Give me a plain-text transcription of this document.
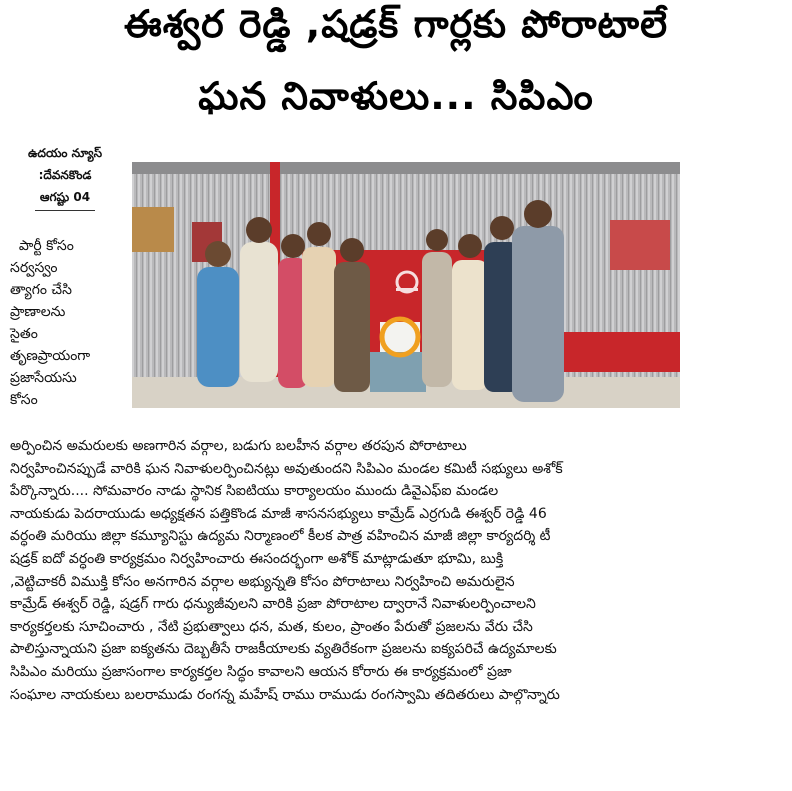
ఈశ్వర రెడ్డి ,షడ్రక్ గార్లకు పోరాటాలే
ఘన నివాళులు... సిపిఎం
ఉదయం న్యూస్
:దేవనకొండ
ఆగష్టు 04
పార్టీ కోసం
సర్వస్వం
త్యాగం చేసి
ప్రాణాలను
సైతం
తృణప్రాయంగా
ప్రజాసేయసు
కోసం

అర్పించిన అమరులకు అణగారిన వర్గాల, బడుగు బలహీన వర్గాల తరపున పోరాటాలు

నిర్వహించినప్పుడే వారికి ఘన నివాళులర్పించినట్లు అవుతుందని సిపిఎం మండల కమిటీ సభ్యులు అశోక్

పేర్కొన్నారు.... సోమవారం నాడు స్థానిక సిఐటియు కార్యాలయం ముందు డివైఎఫ్ఐ మండల

నాయకుడు పెదరాయుడు అధ్యక్షతన పత్తికొండ మాజీ శాసనసభ్యులు కామ్రేడ్ ఎర్రగుడి ఈశ్వర్ రెడ్డి 46

వర్ధంతి మరియు జిల్లా కమ్యూనిస్టు ఉద్యమ నిర్మాణంలో కీలక పాత్ర వహించిన మాజీ జిల్లా కార్యదర్శి టీ

షడ్రక్ ఐదో వర్ధంతి కార్యక్రమం నిర్వహించారు ఈసందర్భంగా అశోక్ మాట్లాడుతూ భూమి, బుక్తి

,వెట్టిచాకరీ విముక్తి కోసం అనగారిన వర్గాల అభ్యున్నతి కోసం పోరాటాలు నిర్వహించి అమరులైన

కామ్రేడ్ ఈశ్వర్ రెడ్డి, షడ్రగ్ గారు ధన్యుజీవులని వారికి ప్రజా పోరాటాల ద్వారానే నివాళులర్పించాలని

కార్యకర్తలకు సూచించారు , నేటి ప్రభుత్వాలు ధన, మత, కులం, ప్రాంతం పేరుతో ప్రజలను వేరు చేసి

పాలిస్తున్నాయని ప్రజా ఐక్యతను దెబ్బతీసే రాజకీయాలకు వ్యతిరేకంగా ప్రజలను ఐక్యపరిచే ఉద్యమాలకు

సిపిఎం మరియు ప్రజాసంగాల కార్యకర్తల సిద్ధం కావాలని ఆయన కోరారు ఈ కార్యక్రమంలో ప్రజా

సంఘాల నాయకులు బలరాముడు రంగన్న మహేష్ రాము రాముడు రంగస్వామి తదితరులు పాల్గొన్నారు
